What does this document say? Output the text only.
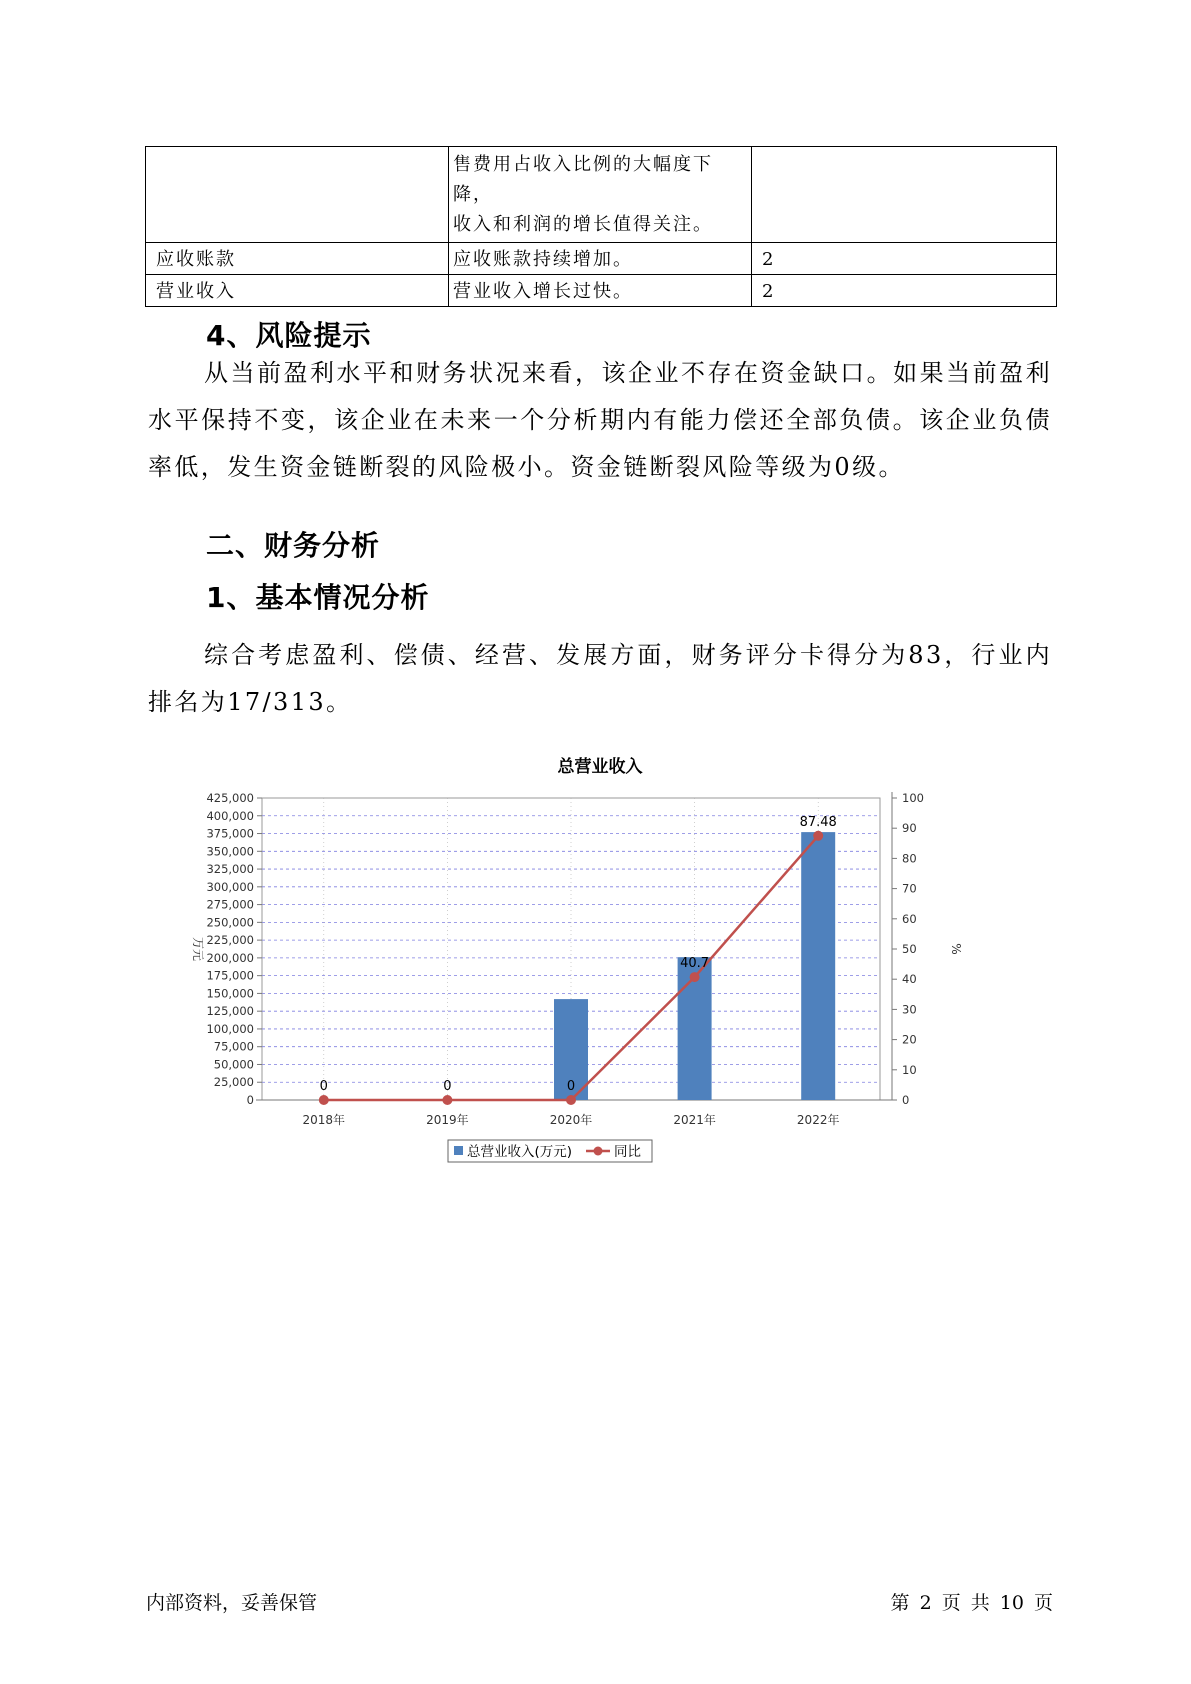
	售费用占收入比例的大幅度下降，
收入和利润的增长值得关注。	

应收账款	应收账款持续增加。	2

营业收入	营业收入增长过快。	2
4、风险提示

从当前盈利水平和财务状况来看，该企业不存在资金缺口。如果当前盈利水平保持不变，该企业在未来一个分析期内有能力偿还全部负债。该企业负债率低，发生资金链断裂的风险极小。资金链断裂风险等级为0级。

二、财务分析
1、基本情况分析

综合考虑盈利、偿债、经营、发展方面，财务评分卡得分为83，行业内排名为17/313。

总营业收入
0
25,000
50,000
75,000
100,000
125,000
150,000
175,000
200,000
225,000
250,000
275,000
300,000
325,000
350,000
375,000
400,000
425,000
0
10
20
30
40
50
60
70
80
90
100
万元	%
2018年	2019年	2020年	2021年	2022年
0	0	0
40.7
87.48
总营业收入(万元)	同比
内部资料，妥善保管	第 2 页 共 10 页
